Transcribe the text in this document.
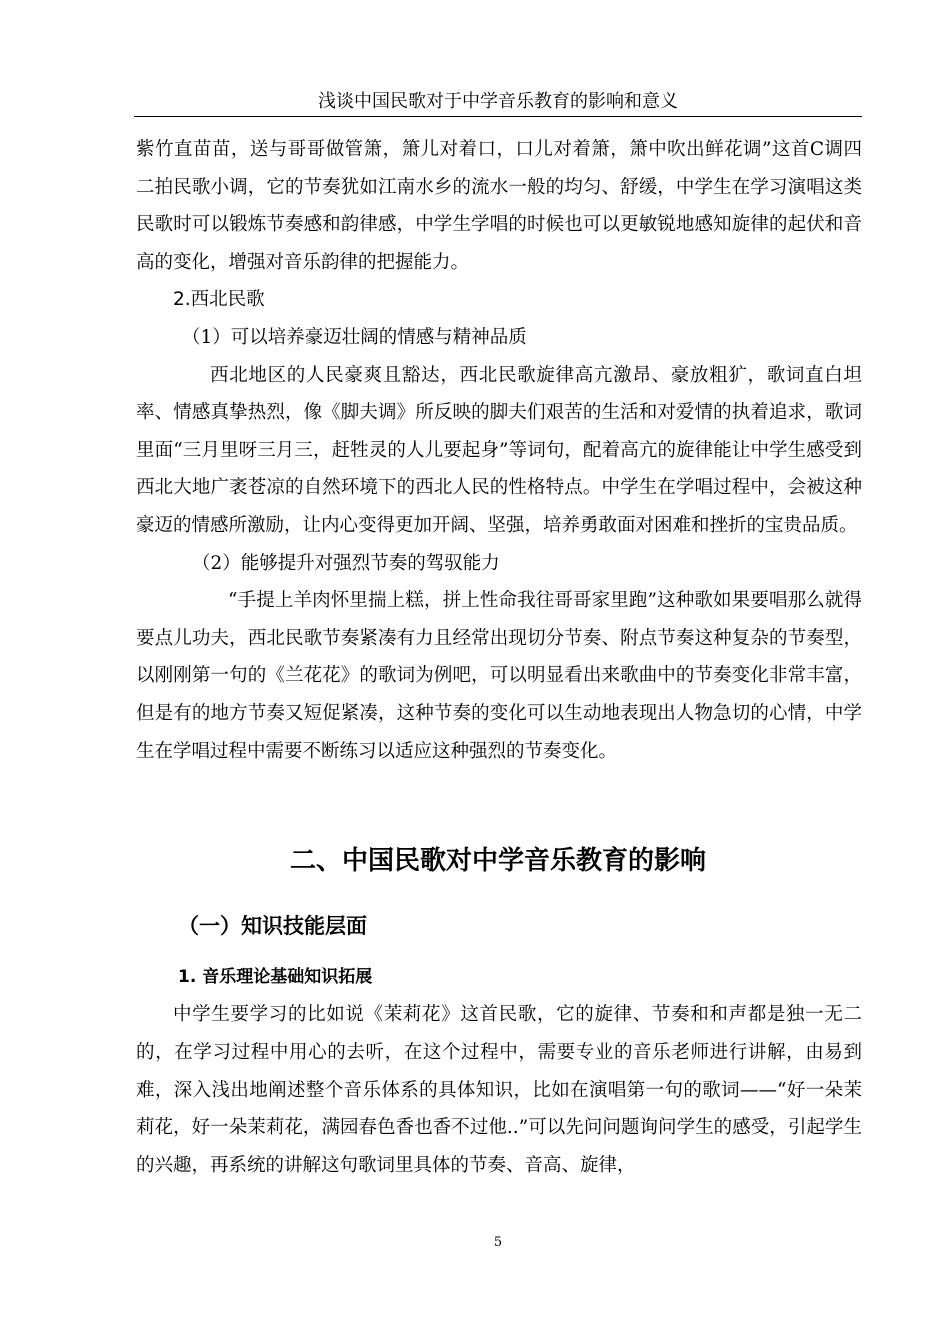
浅谈中国民歌对于中学音乐教育的影响和意义

紫竹直苗苗，送与哥哥做管箫，箫儿对着口，口儿对着箫，箫中吹出鲜花调”这首C调四二拍民歌小调，它的节奏犹如江南水乡的流水一般的均匀、舒缓，中学生在学习演唱这类民歌时可以锻炼节奏感和韵律感，中学生学唱的时候也可以更敏锐地感知旋律的起伏和音高的变化，增强对音乐韵律的把握能力。

2.西北民歌

（1）可以培养豪迈壮阔的情感与精神品质

西北地区的人民豪爽且豁达，西北民歌旋律高亢激昂、豪放粗犷，歌词直白坦率、情感真挚热烈，像《脚夫调》所反映的脚夫们艰苦的生活和对爱情的执着追求，歌词里面“三月里呀三月三，赶牲灵的人儿要起身”等词句，配着高亢的旋律能让中学生感受到西北大地广袤苍凉的自然环境下的西北人民的性格特点。中学生在学唱过程中，会被这种豪迈的情感所激励，让内心变得更加开阔、坚强，培养勇敢面对困难和挫折的宝贵品质。

（2）能够提升对强烈节奏的驾驭能力

“手提上羊肉怀里揣上糕，拼上性命我往哥哥家里跑”这种歌如果要唱那么就得要点儿功夫，西北民歌节奏紧凑有力且经常出现切分节奏、附点节奏这种复杂的节奏型，以刚刚第一句的《兰花花》的歌词为例吧，可以明显看出来歌曲中的节奏变化非常丰富，但是有的地方节奏又短促紧凑，这种节奏的变化可以生动地表现出人物急切的心情，中学生在学唱过程中需要不断练习以适应这种强烈的节奏变化。

二、中国民歌对中学音乐教育的影响
（一）知识技能层面
1. 音乐理论基础知识拓展

中学生要学习的比如说《茉莉花》这首民歌，它的旋律、节奏和和声都是独一无二的，在学习过程中用心的去听，在这个过程中，需要专业的音乐老师进行讲解，由易到难，深入浅出地阐述整个音乐体系的具体知识，比如在演唱第一句的歌词——“好一朵茉莉花，好一朵茉莉花，满园春色香也香不过他..”可以先问问题询问学生的感受，引起学生的兴趣，再系统的讲解这句歌词里具体的节奏、音高、旋律，

5
